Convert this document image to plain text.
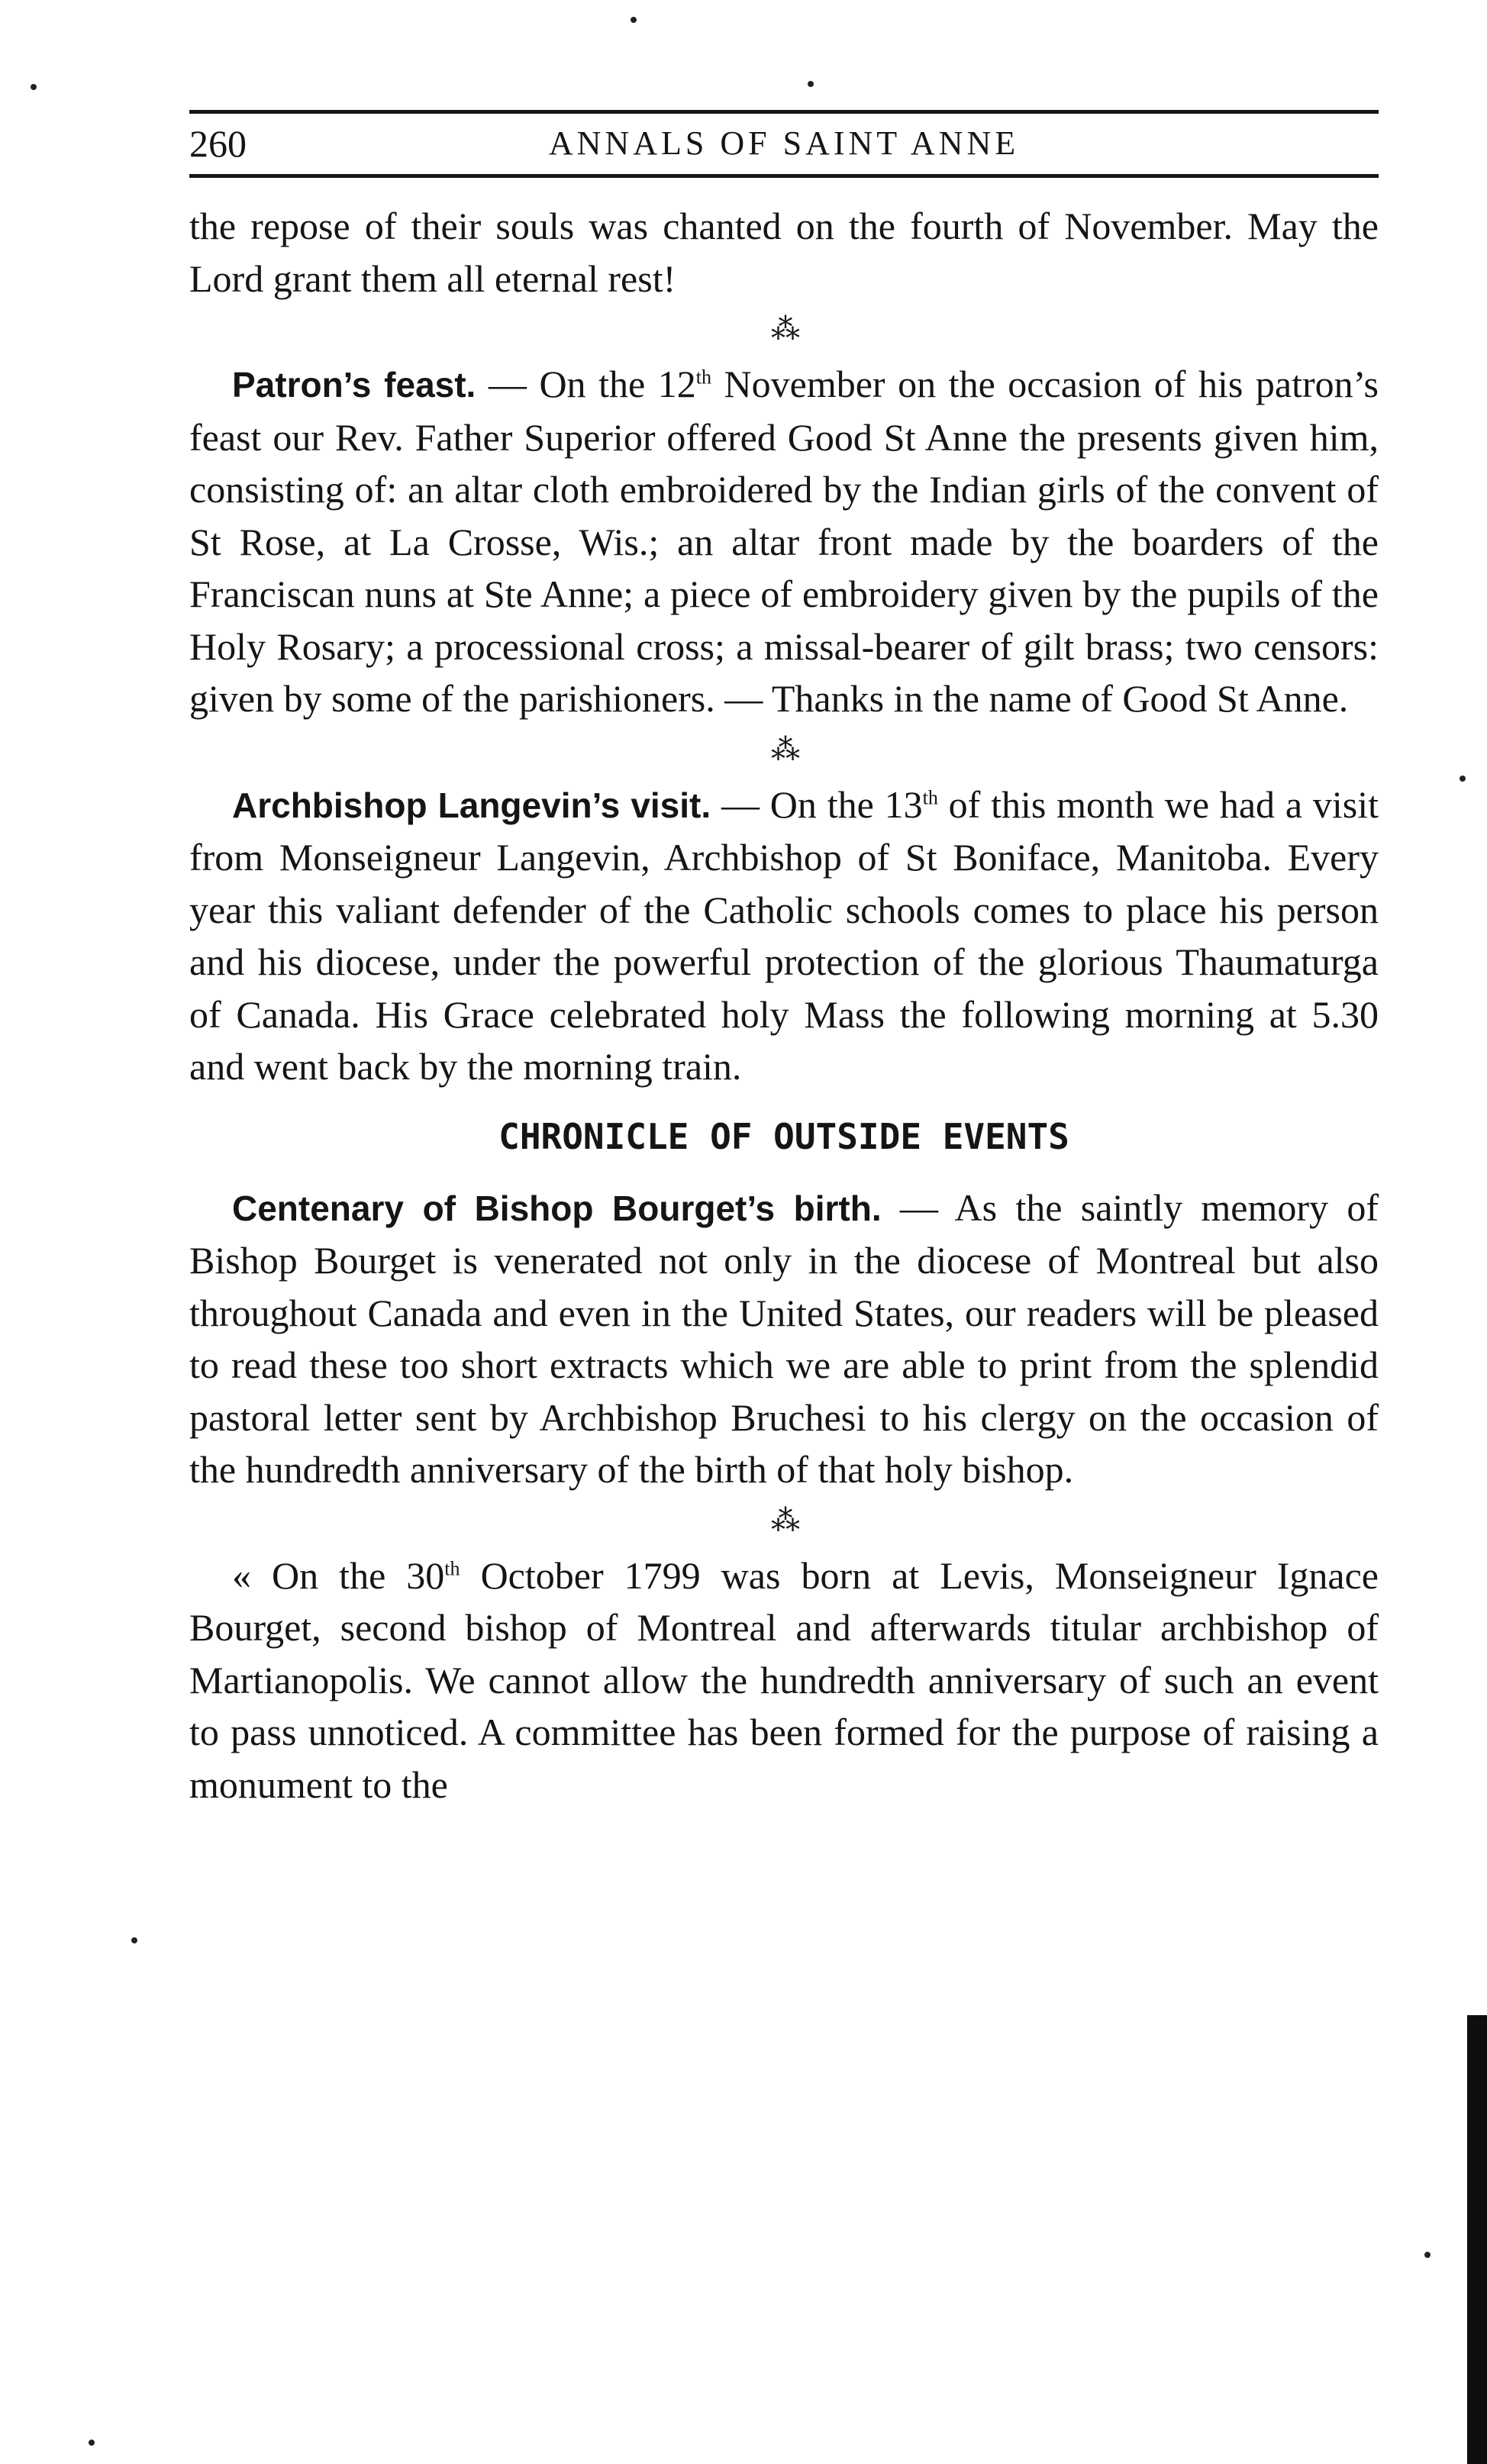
260	ANNALS OF SAINT ANNE

the repose of their souls was chanted on the fourth of November. May the Lord grant them all eternal rest!

⁂

Patron’s feast. — On the 12th November on the occasion of his patron’s feast our Rev. Father Superior offered Good St Anne the presents given him, consisting of: an altar cloth embroidered by the Indian girls of the convent of St Rose, at La Crosse, Wis.; an altar front made by the boarders of the Franciscan nuns at Ste Anne; a piece of embroidery given by the pupils of the Holy Rosary; a processional cross; a missal-bearer of gilt brass; two censors: given by some of the parishioners. — Thanks in the name of Good St Anne.

⁂

Archbishop Langevin’s visit. — On the 13th of this month we had a visit from Monseigneur Langevin, Archbishop of St Boniface, Manitoba. Every year this valiant defender of the Catholic schools comes to place his person and his diocese, under the powerful protection of the glorious Thaumaturga of Canada. His Grace celebrated holy Mass the following morning at 5.30 and went back by the morning train.

CHRONICLE OF OUTSIDE EVENTS

Centenary of Bishop Bourget’s birth. — As the saintly memory of Bishop Bourget is venerated not only in the diocese of Montreal but also throughout Canada and even in the United States, our readers will be pleased to read these too short extracts which we are able to print from the splendid pastoral letter sent by Archbishop Bruchesi to his clergy on the occasion of the hundredth anniversary of the birth of that holy bishop.

⁂

« On the 30th October 1799 was born at Levis, Monseigneur Ignace Bourget, second bishop of Montreal and afterwards titular archbishop of Martianopolis. We cannot allow the hundredth anniversary of such an event to pass unnoticed. A committee has been formed for the purpose of raising a monument to the
